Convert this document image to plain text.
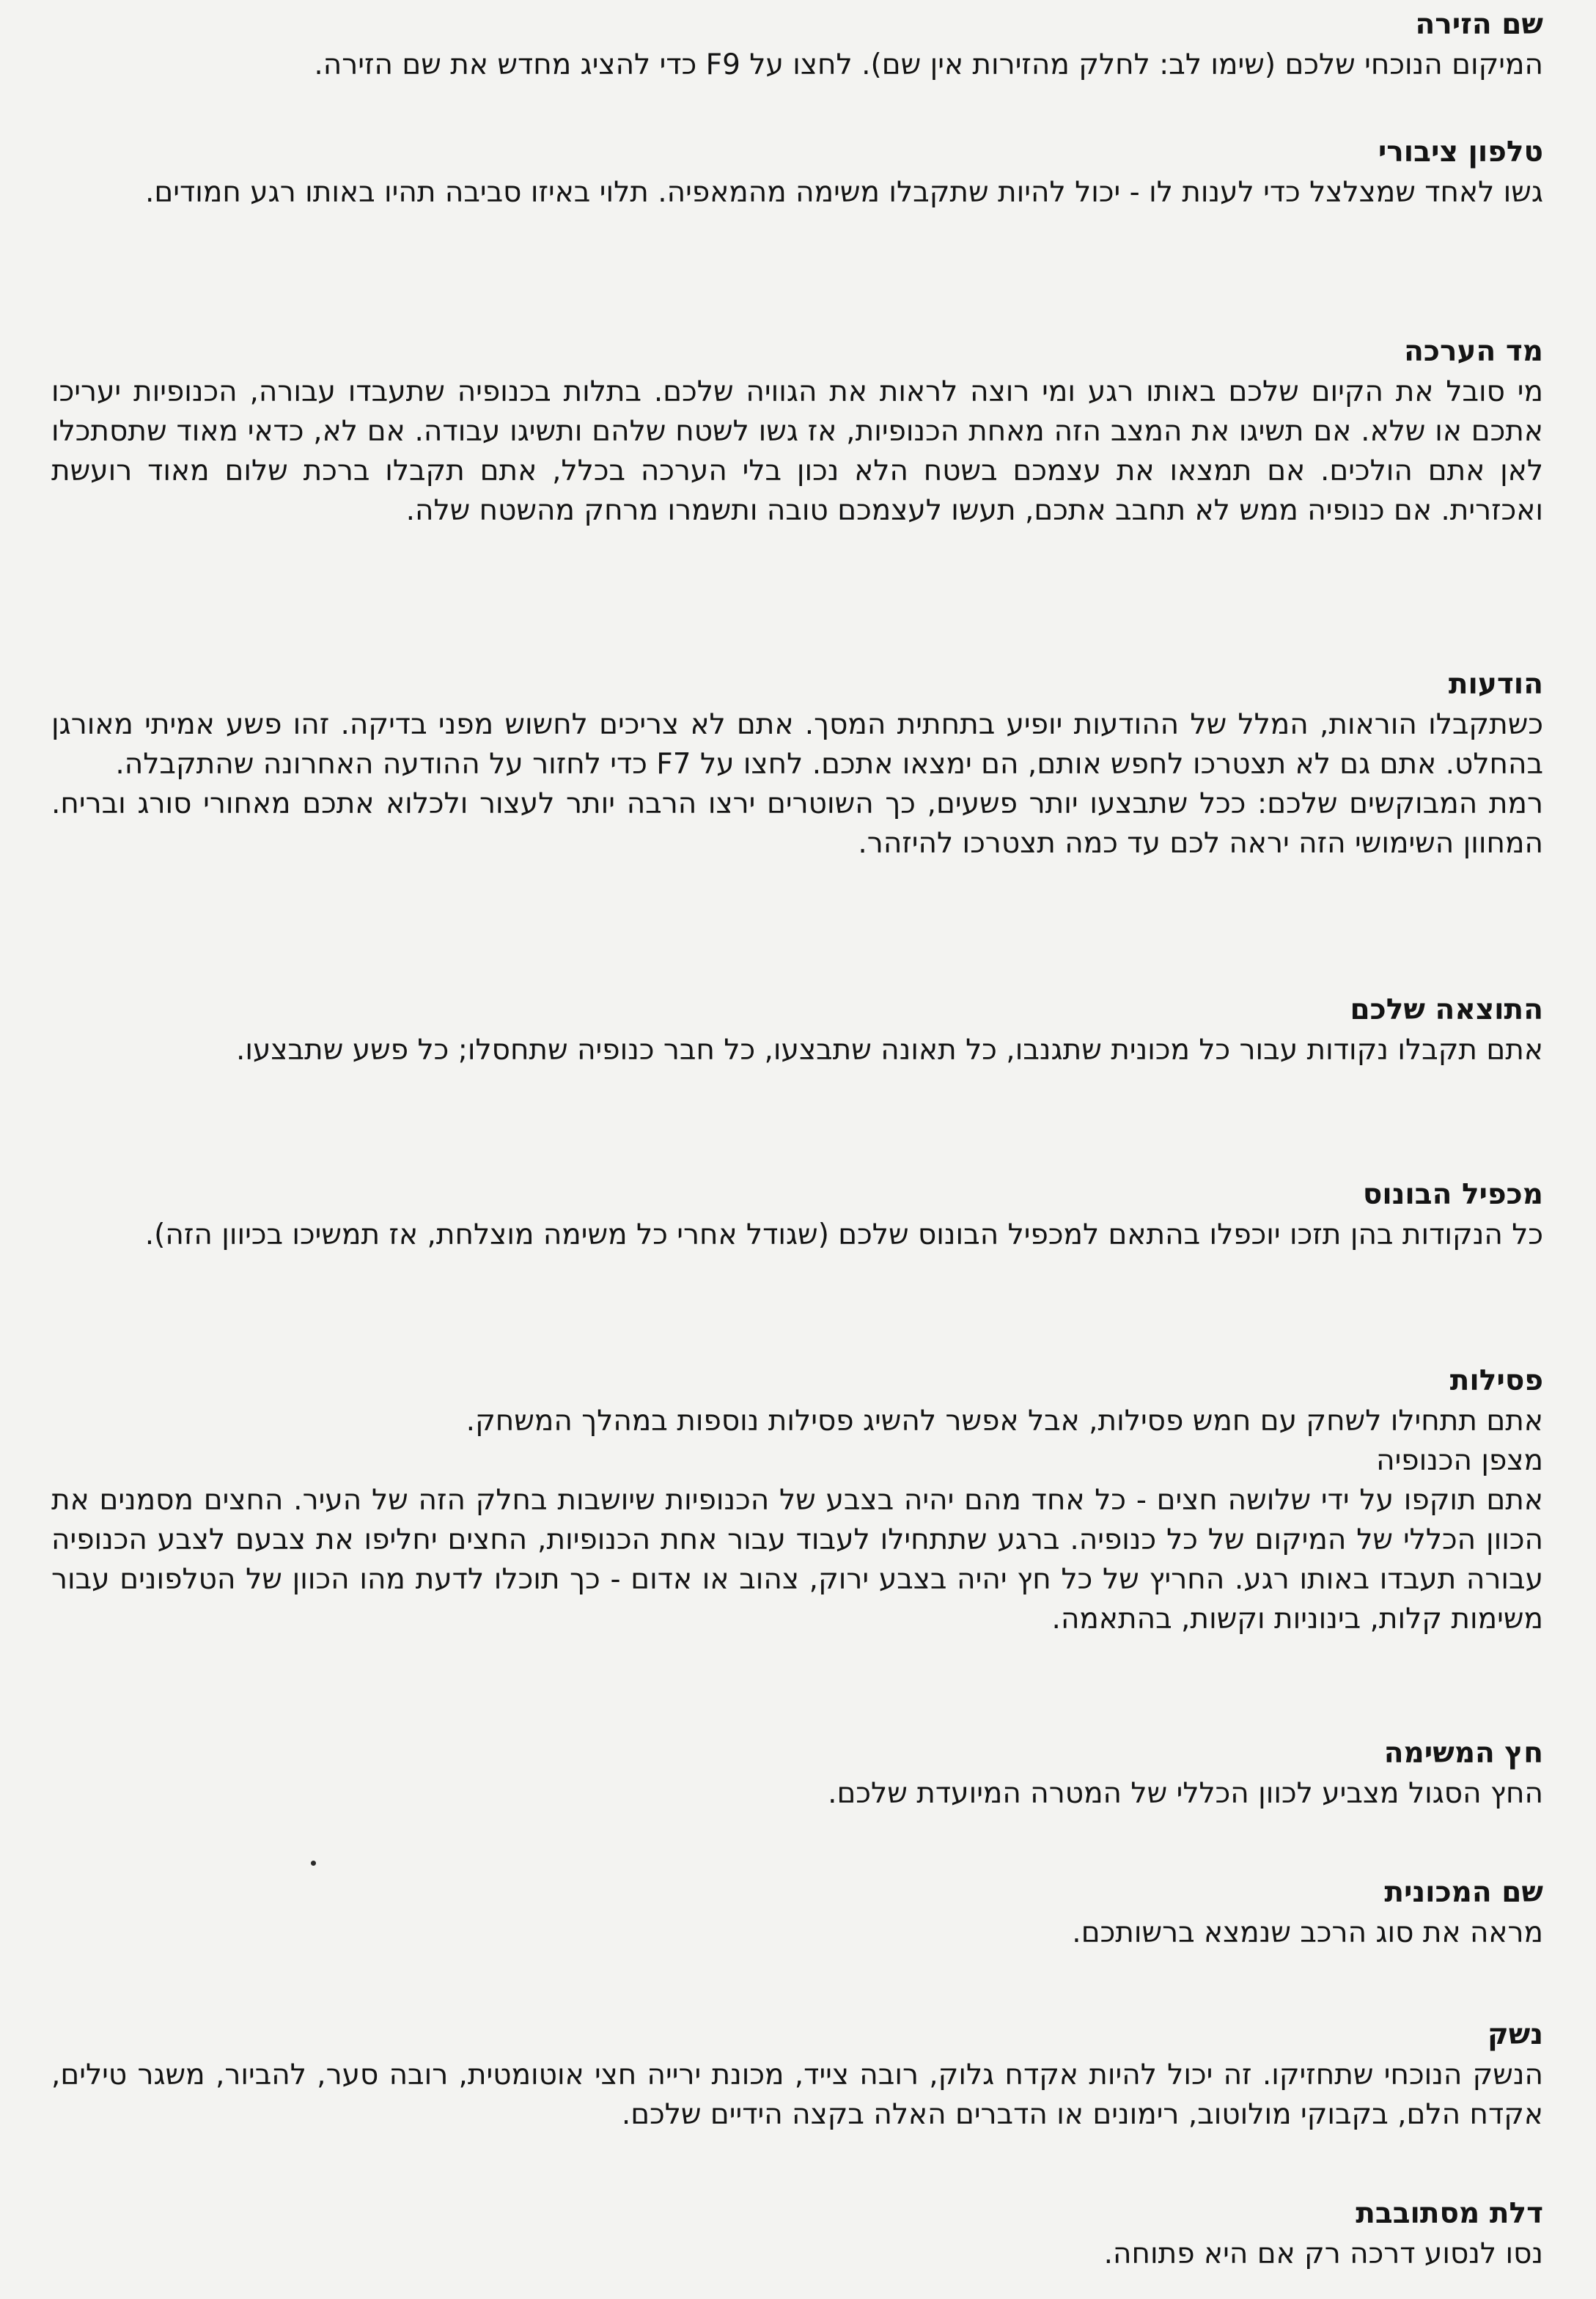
שם הזירה

המיקום הנוכחי שלכם (שימו לב: לחלק מהזירות אין שם). לחצו על F9 כדי להציג מחדש את שם הזירה.

טלפון ציבורי

גשו לאחד שמצלצל כדי לענות לו - יכול להיות שתקבלו משימה מהמאפיה. תלוי באיזו סביבה תהיו באותו רגע חמודים.

מד הערכה

מי סובל את הקיום שלכם באותו רגע ומי רוצה לראות את הגוויה שלכם. בתלות בכנופיה שתעבדו עבורה, הכנופיות יעריכו אתכם או שלא. אם תשיגו את המצב הזה מאחת הכנופיות, אז גשו לשטח שלהם ותשיגו עבודה. אם לא, כדאי מאוד שתסתכלו לאן אתם הולכים. אם תמצאו את עצמכם בשטח הלא נכון בלי הערכה בכלל, אתם תקבלו ברכת שלום מאוד רועשת ואכזרית. אם כנופיה ממש לא תחבב אתכם, תעשו לעצמכם טובה ותשמרו מרחק מהשטח שלה.

הודעות

כשתקבלו הוראות, המלל של ההודעות יופיע בתחתית המסך. אתם לא צריכים לחשוש מפני בדיקה. זהו פשע אמיתי מאורגן בהחלט. אתם גם לא תצטרכו לחפש אותם, הם ימצאו אתכם. לחצו על F7 כדי לחזור על ההודעה האחרונה שהתקבלה.

רמת המבוקשים שלכם: ככל שתבצעו יותר פשעים, כך השוטרים ירצו הרבה יותר לעצור ולכלוא אתכם מאחורי סורג ובריח. המחוון השימושי הזה יראה לכם עד כמה תצטרכו להיזהר.

התוצאה שלכם

אתם תקבלו נקודות עבור כל מכונית שתגנבו, כל תאונה שתבצעו, כל חבר כנופיה שתחסלו; כל פשע שתבצעו.

מכפיל הבונוס

כל הנקודות בהן תזכו יוכפלו בהתאם למכפיל הבונוס שלכם (שגודל אחרי כל משימה מוצלחת, אז תמשיכו בכיוון הזה).

פסילות

אתם תתחילו לשחק עם חמש פסילות, אבל אפשר להשיג פסילות נוספות במהלך המשחק.

מצפן הכנופיה

אתם תוקפו על ידי שלושה חצים - כל אחד מהם יהיה בצבע של הכנופיות שיושבות בחלק הזה של העיר. החצים מסמנים את הכוון הכללי של המיקום של כל כנופיה. ברגע שתתחילו לעבוד עבור אחת הכנופיות, החצים יחליפו את צבעם לצבע הכנופיה עבורה תעבדו באותו רגע. החריץ של כל חץ יהיה בצבע ירוק, צהוב או אדום - כך תוכלו לדעת מהו הכוון של הטלפונים עבור משימות קלות, בינוניות וקשות, בהתאמה.

חץ המשימה

החץ הסגול מצביע לכוון הכללי של המטרה המיועדת שלכם.

שם המכונית

מראה את סוג הרכב שנמצא ברשותכם.

נשק

הנשק הנוכחי שתחזיקו. זה יכול להיות אקדח גלוק, רובה צייד, מכונת ירייה חצי אוטומטית, רובה סער, להביור, משגר טילים, אקדח הלם, בקבוקי מולוטוב, רימונים או הדברים האלה בקצה הידיים שלכם.

דלת מסתובבת

נסו לנסוע דרכה רק אם היא פתוחה.
